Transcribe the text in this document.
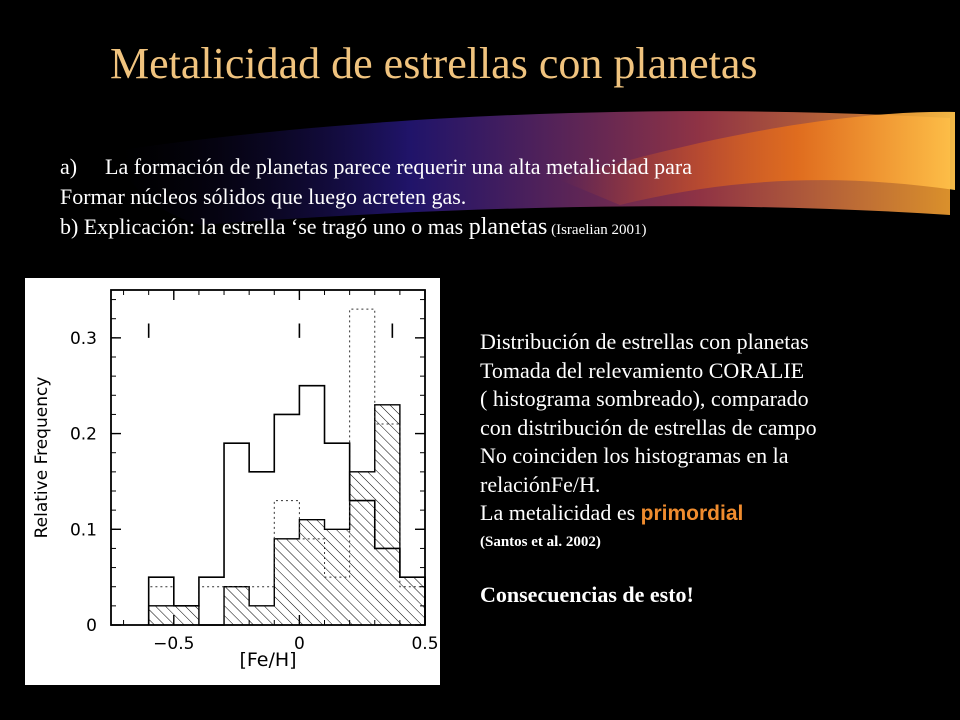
Metalicidad de estrellas con planetas
a) La formación de planetas parece requerir una alta metalicidad para
Formar núcleos sólidos que luego acreten gas.
b) Explicación: la estrella ‘se tragó uno o mas planetas (Israelian 2001)
0
0.1
0.2
0.3
−0.5	0	0.5
[Fe/H]
Relative Frequency
Distribución de estrellas con planetas
Tomada del relevamiento CORALIE
( histograma sombreado), comparado
con distribución de estrellas de campo
No coinciden los histogramas en la
relaciónFe/H.
La metalicidad es primordial
(Santos et al. 2002)
Consecuencias de esto!
